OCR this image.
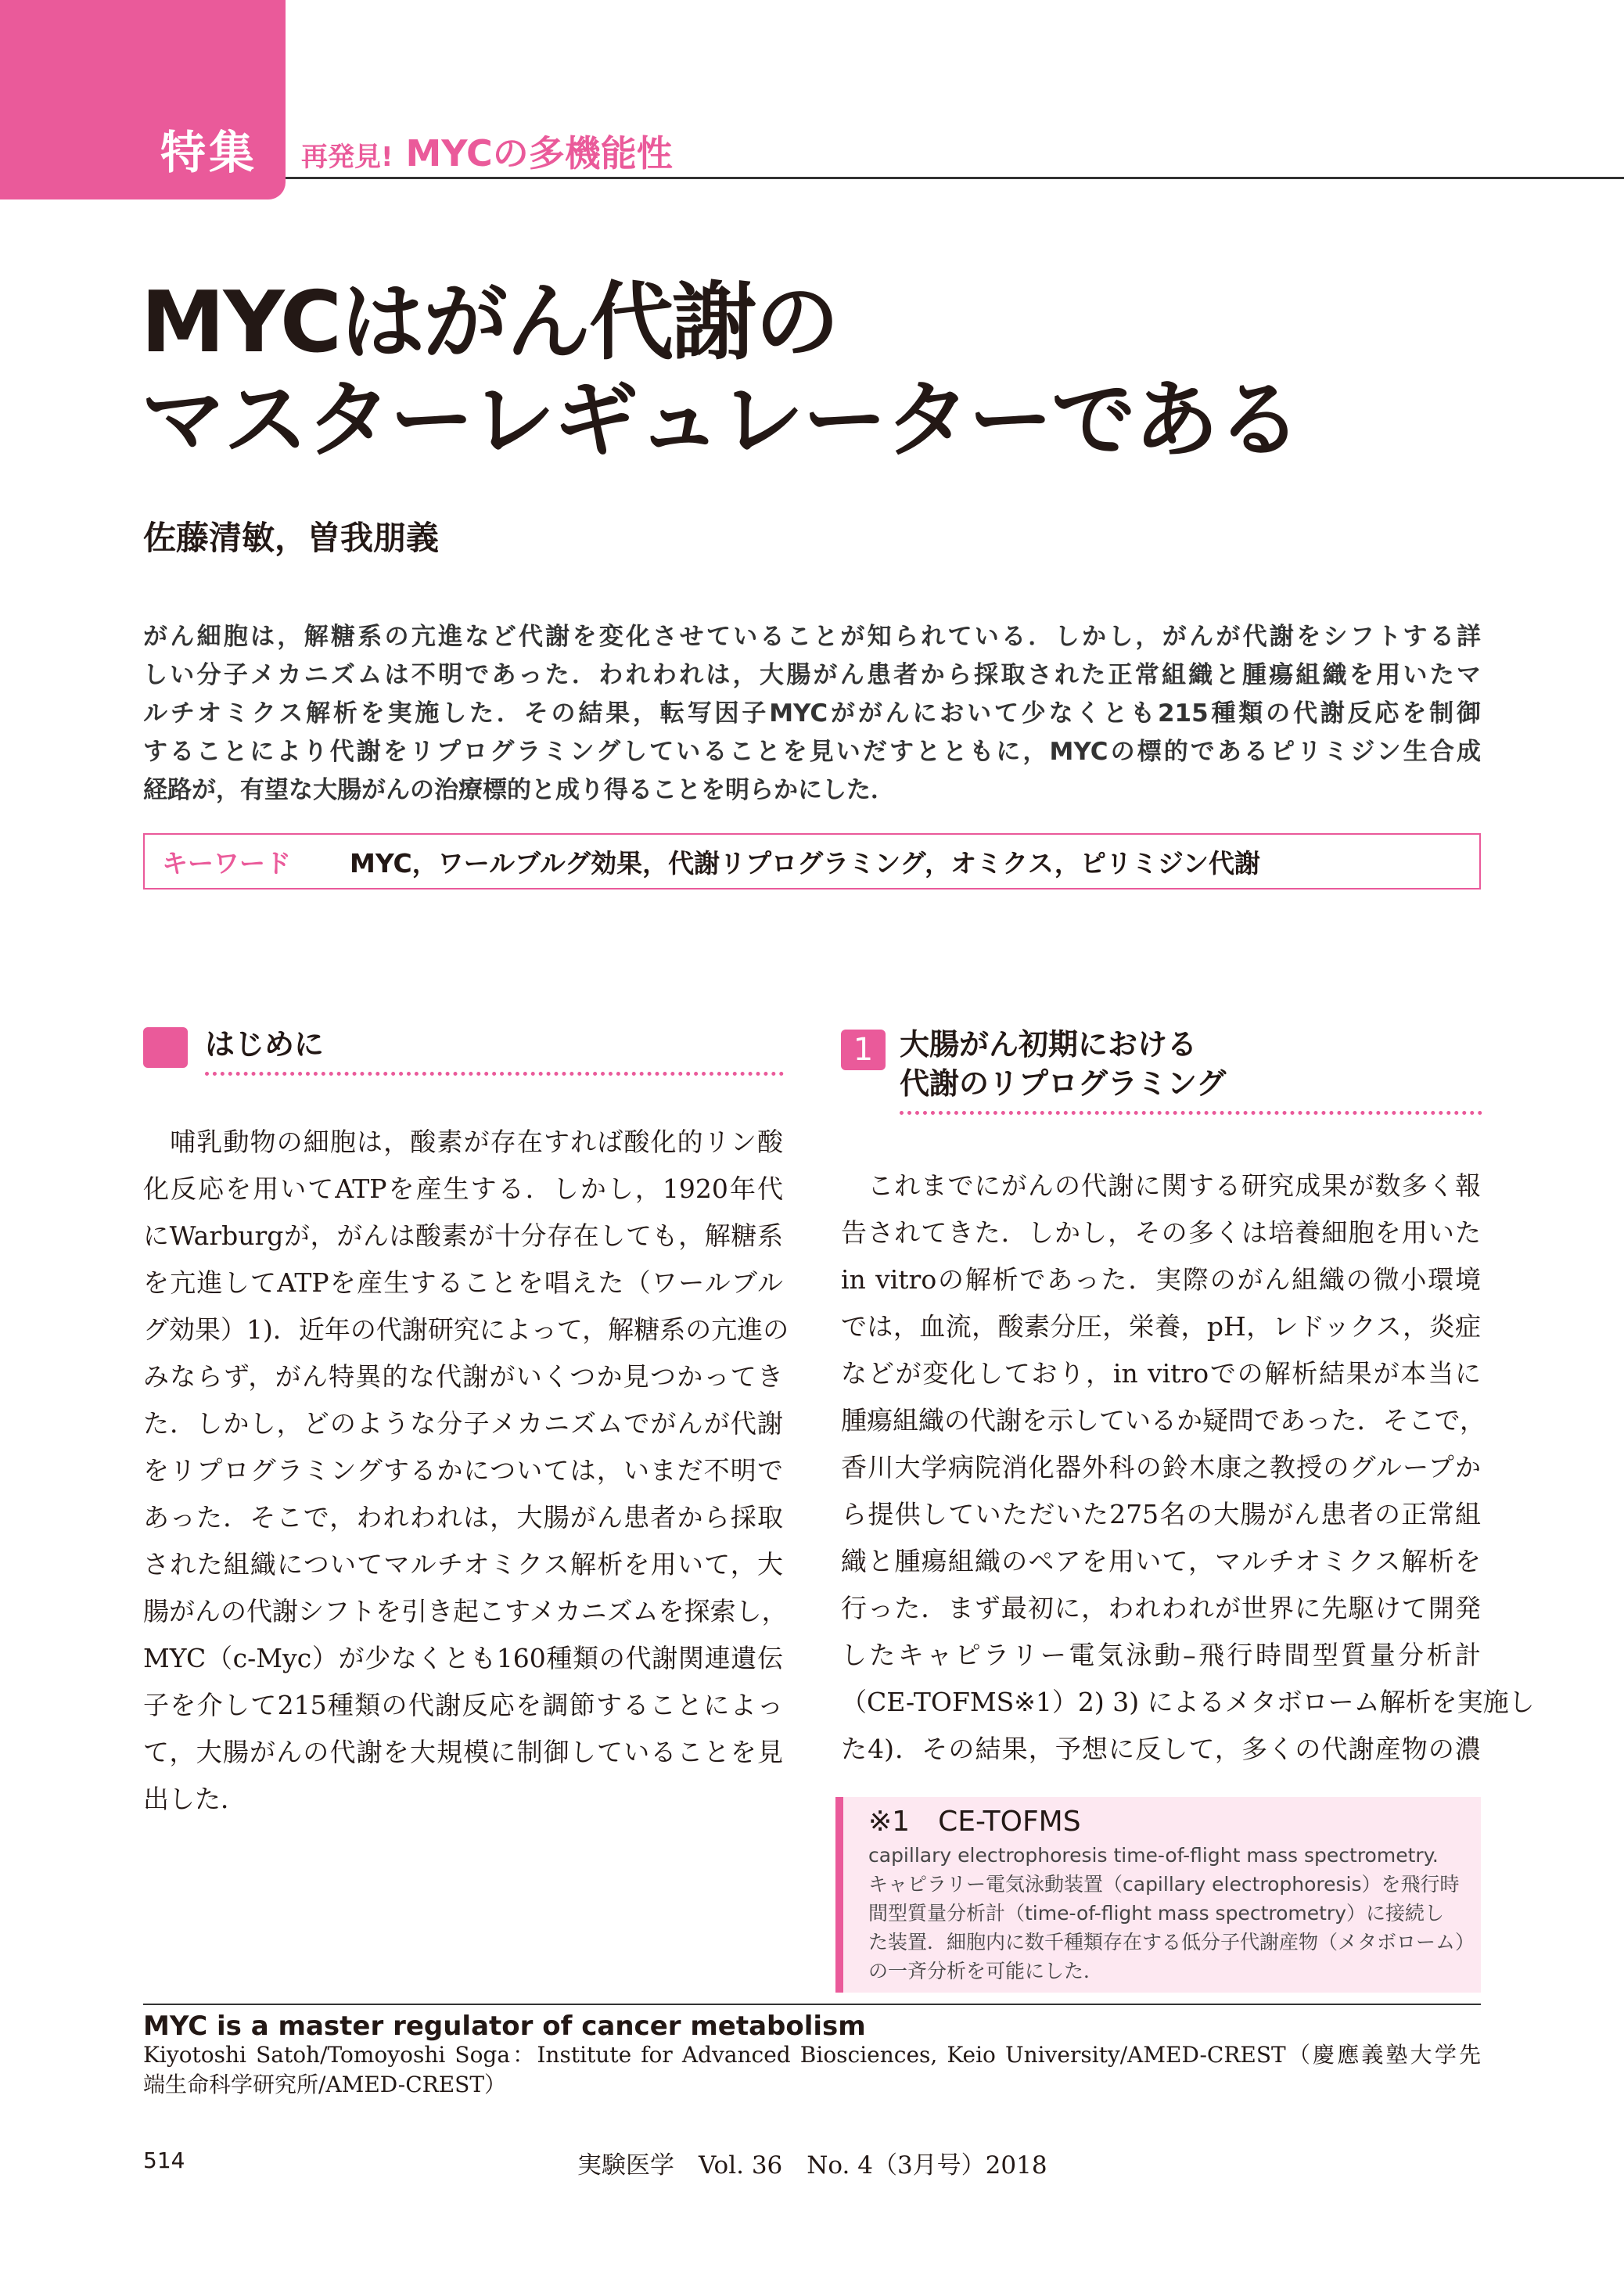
特集 再発見! MYCの多機能性
MYCはがん代謝の
マスターレギュレーターである
佐藤清敏，曽我朋義
がん細胞は，解糖系の亢進など代謝を変化させていることが知られている．しかし，がんが代謝をシフトする詳
しい分子メカニズムは不明であった．われわれは，大腸がん患者から採取された正常組織と腫瘍組織を用いたマ
ルチオミクス解析を実施した．その結果，転写因子MYCががんにおいて少なくとも215種類の代謝反応を制御
することにより代謝をリプログラミングしていることを見いだすとともに，MYCの標的であるピリミジン生合成
経路が，有望な大腸がんの治療標的と成り得ることを明らかにした．
キーワード	MYC，ワールブルグ効果，代謝リプログラミング，オミクス，ピリミジン代謝
はじめに
　哺乳動物の細胞は，酸素が存在すれば酸化的リン酸
化反応を用いてATPを産生する．しかし，1920年代
にWarburgが，がんは酸素が十分存在しても，解糖系
を亢進してATPを産生することを唱えた（ワールブル
グ効果）1)．近年の代謝研究によって，解糖系の亢進の
みならず，がん特異的な代謝がいくつか見つかってき
た．しかし，どのような分子メカニズムでがんが代謝
をリプログラミングするかについては，いまだ不明で
あった．そこで，われわれは，大腸がん患者から採取
された組織についてマルチオミクス解析を用いて，大
腸がんの代謝シフトを引き起こすメカニズムを探索し，
MYC（c-Myc）が少なくとも160種類の代謝関連遺伝
子を介して215種類の代謝反応を調節することによっ
て，大腸がんの代謝を大規模に制御していることを見
出した．
1 大腸がん初期における
代謝のリプログラミング
　これまでにがんの代謝に関する研究成果が数多く報
告されてきた．しかし，その多くは培養細胞を用いた
in vitroの解析であった．実際のがん組織の微小環境
では，血流，酸素分圧，栄養，pH，レドックス，炎症
などが変化しており，in vitroでの解析結果が本当に
腫瘍組織の代謝を示しているか疑問であった．そこで，
香川大学病院消化器外科の鈴木康之教授のグループか
ら提供していただいた275名の大腸がん患者の正常組
織と腫瘍組織のペアを用いて，マルチオミクス解析を
行った．まず最初に，われわれが世界に先駆けて開発
したキャピラリー電気泳動–飛行時間型質量分析計
（CE-TOFMS※1）2) 3) によるメタボローム解析を実施し
た4)．その結果，予想に反して，多くの代謝産物の濃
※1　CE-TOFMS
capillary electrophoresis time-of-flight mass spectrometry.
キャピラリー電気泳動装置（capillary electrophoresis）を飛行時
間型質量分析計（time-of-flight mass spectrometry）に接続し
た装置．細胞内に数千種類存在する低分子代謝産物（メタボローム）
の一斉分析を可能にした．
MYC is a master regulator of cancer metabolism
Kiyotoshi Satoh/Tomoyoshi Soga：Institute for Advanced Biosciences, Keio University/AMED-CREST（慶應義塾大学先
端生命科学研究所/AMED-CREST）
514	実験医学　Vol. 36　No. 4（3月号）2018
